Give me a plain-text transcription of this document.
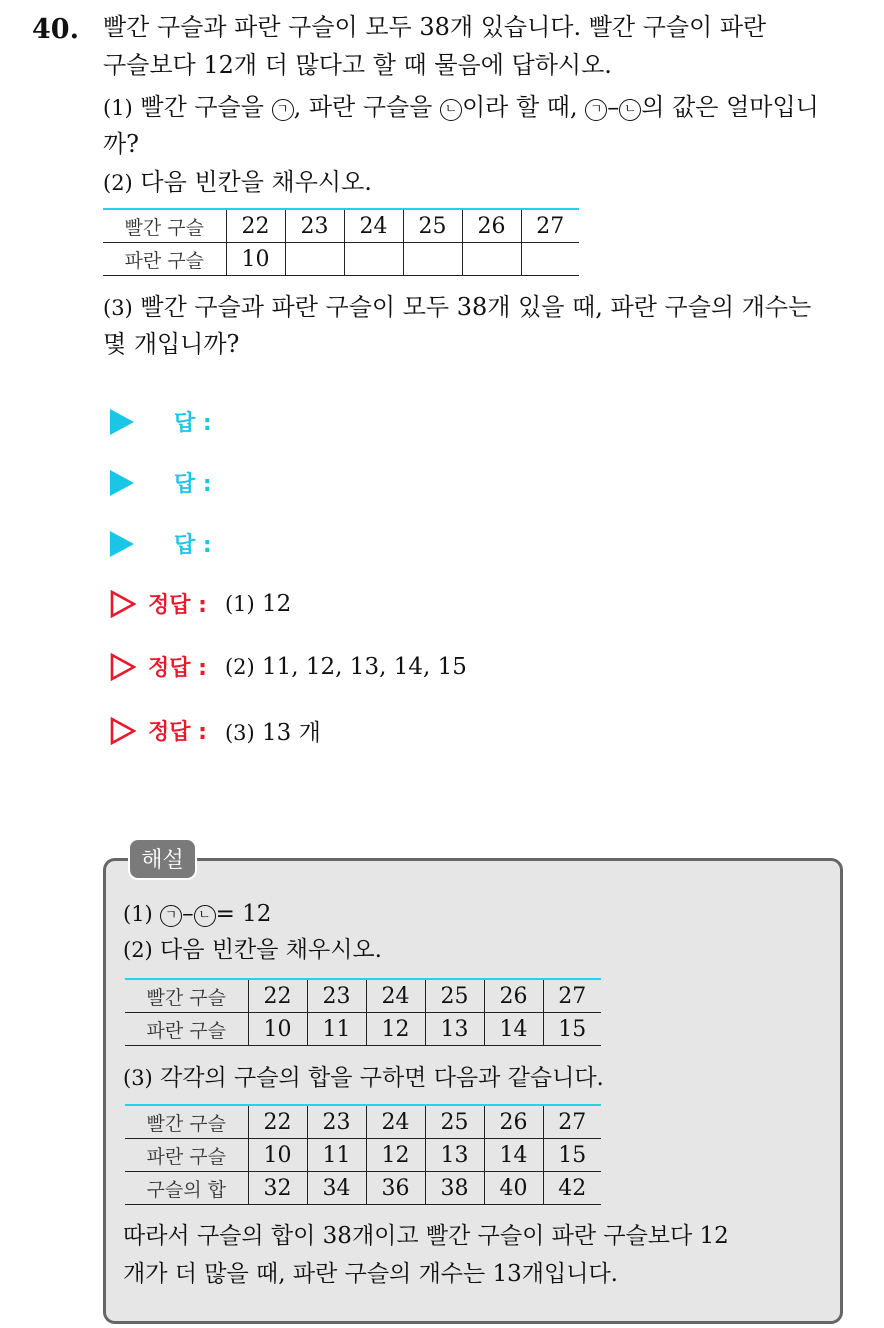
40. 빨간 구슬과 파란 구슬이 모두 38개 있습니다. 빨간 구슬이 파란
구슬보다 12개 더 많다고 할 때 물음에 답하시오.
(1) 빨간 구슬을 ㄱ , 파란 구슬을 ㄴ 이라 할 때, ㄱ – ㄴ 의 값은 얼마입니
까?
(2) 다음 빈칸을 채우시오.
빨간 구슬	22	23	24	25	26	27
파란 구슬	10					
(3) 빨간 구슬과 파란 구슬이 모두 38개 있을 때, 파란 구슬의 개수는
몇 개입니까?
답 :
답 :
답 :
정답 : (1) 12
정답 : (2) 11, 12, 13, 14, 15
정답 : (3) 13 개
해설
(1) ㄱ – ㄴ = 12
(2) 다음 빈칸을 채우시오.
빨간 구슬	22	23	24	25	26	27
파란 구슬	10	11	12	13	14	15
(3) 각각의 구슬의 합을 구하면 다음과 같습니다.
빨간 구슬	22	23	24	25	26	27
파란 구슬	10	11	12	13	14	15
구슬의 합	32	34	36	38	40	42
따라서 구슬의 합이 38개이고 빨간 구슬이 파란 구슬보다 12
개가 더 많을 때, 파란 구슬의 개수는 13개입니다.
